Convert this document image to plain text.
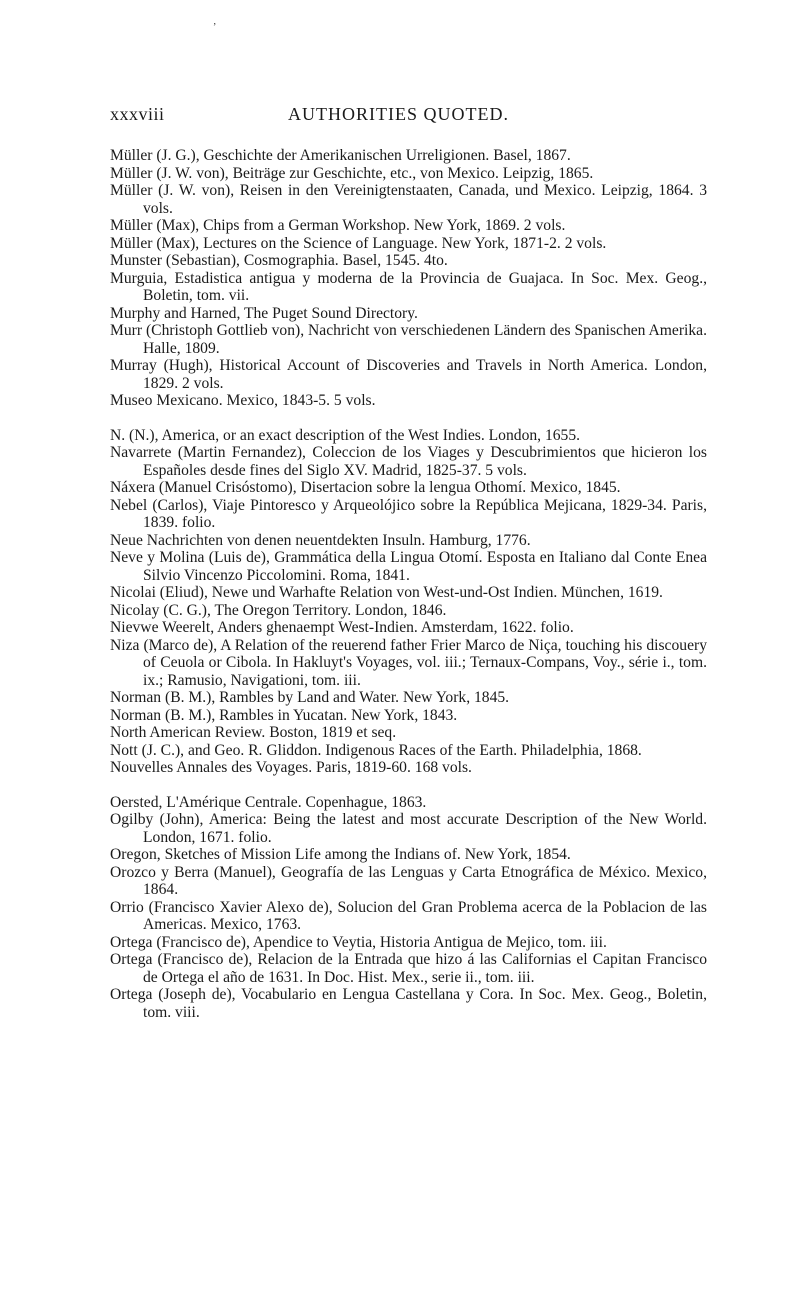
’
xxxviii	AUTHORITIES QUOTED.

Müller (J. G.), Geschichte der Amerikanischen Urreligionen. Basel, 1867.

Müller (J. W. von), Beiträge zur Geschichte, etc., von Mexico. Leipzig, 1865.

Müller (J. W. von), Reisen in den Vereinigtenstaaten, Canada, und Mexico. Leipzig, 1864. 3 vols.

Müller (Max), Chips from a German Workshop. New York, 1869. 2 vols.

Müller (Max), Lectures on the Science of Language. New York, 1871-2. 2 vols.

Munster (Sebastian), Cosmographia. Basel, 1545. 4to.

Murguia, Estadistica antigua y moderna de la Provincia de Guajaca. In Soc. Mex. Geog., Boletin, tom. vii.

Murphy and Harned, The Puget Sound Directory.

Murr (Christoph Gottlieb von), Nachricht von verschiedenen Ländern des Spanischen Amerika. Halle, 1809.

Murray (Hugh), Historical Account of Discoveries and Travels in North America. London, 1829. 2 vols.

Museo Mexicano. Mexico, 1843-5. 5 vols.

N. (N.), America, or an exact description of the West Indies. London, 1655.

Navarrete (Martin Fernandez), Coleccion de los Viages y Descubrimientos que hicieron los Españoles desde fines del Siglo XV. Madrid, 1825-37. 5 vols.

Náxera (Manuel Crisóstomo), Disertacion sobre la lengua Othomí. Mexico, 1845.

Nebel (Carlos), Viaje Pintoresco y Arqueolójico sobre la República Mejicana, 1829-34. Paris, 1839. folio.

Neue Nachrichten von denen neuentdekten Insuln. Hamburg, 1776.

Neve y Molina (Luis de), Grammática della Lingua Otomí. Esposta en Italiano dal Conte Enea Silvio Vincenzo Piccolomini. Roma, 1841.

Nicolai (Eliud), Newe und Warhafte Relation von West-und-Ost Indien. München, 1619.

Nicolay (C. G.), The Oregon Territory. London, 1846.

Nievwe Weerelt, Anders ghenaempt West-Indien. Amsterdam, 1622. folio.

Niza (Marco de), A Relation of the reuerend father Frier Marco de Niça, touching his discouery of Ceuola or Cibola. In Hakluyt's Voyages, vol. iii.; Ternaux-Compans, Voy., série i., tom. ix.; Ramusio, Navigationi, tom. iii.

Norman (B. M.), Rambles by Land and Water. New York, 1845.

Norman (B. M.), Rambles in Yucatan. New York, 1843.

North American Review. Boston, 1819 et seq.

Nott (J. C.), and Geo. R. Gliddon. Indigenous Races of the Earth. Philadelphia, 1868.

Nouvelles Annales des Voyages. Paris, 1819-60. 168 vols.

Oersted, L'Amérique Centrale. Copenhague, 1863.

Ogilby (John), America: Being the latest and most accurate Description of the New World. London, 1671. folio.

Oregon, Sketches of Mission Life among the Indians of. New York, 1854.

Orozco y Berra (Manuel), Geografía de las Lenguas y Carta Etnográfica de México. Mexico, 1864.

Orrio (Francisco Xavier Alexo de), Solucion del Gran Problema acerca de la Poblacion de las Americas. Mexico, 1763.

Ortega (Francisco de), Apendice to Veytia, Historia Antigua de Mejico, tom. iii.

Ortega (Francisco de), Relacion de la Entrada que hizo á las Californias el Capitan Francisco de Ortega el año de 1631. In Doc. Hist. Mex., serie ii., tom. iii.

Ortega (Joseph de), Vocabulario en Lengua Castellana y Cora. In Soc. Mex. Geog., Boletin, tom. viii.
